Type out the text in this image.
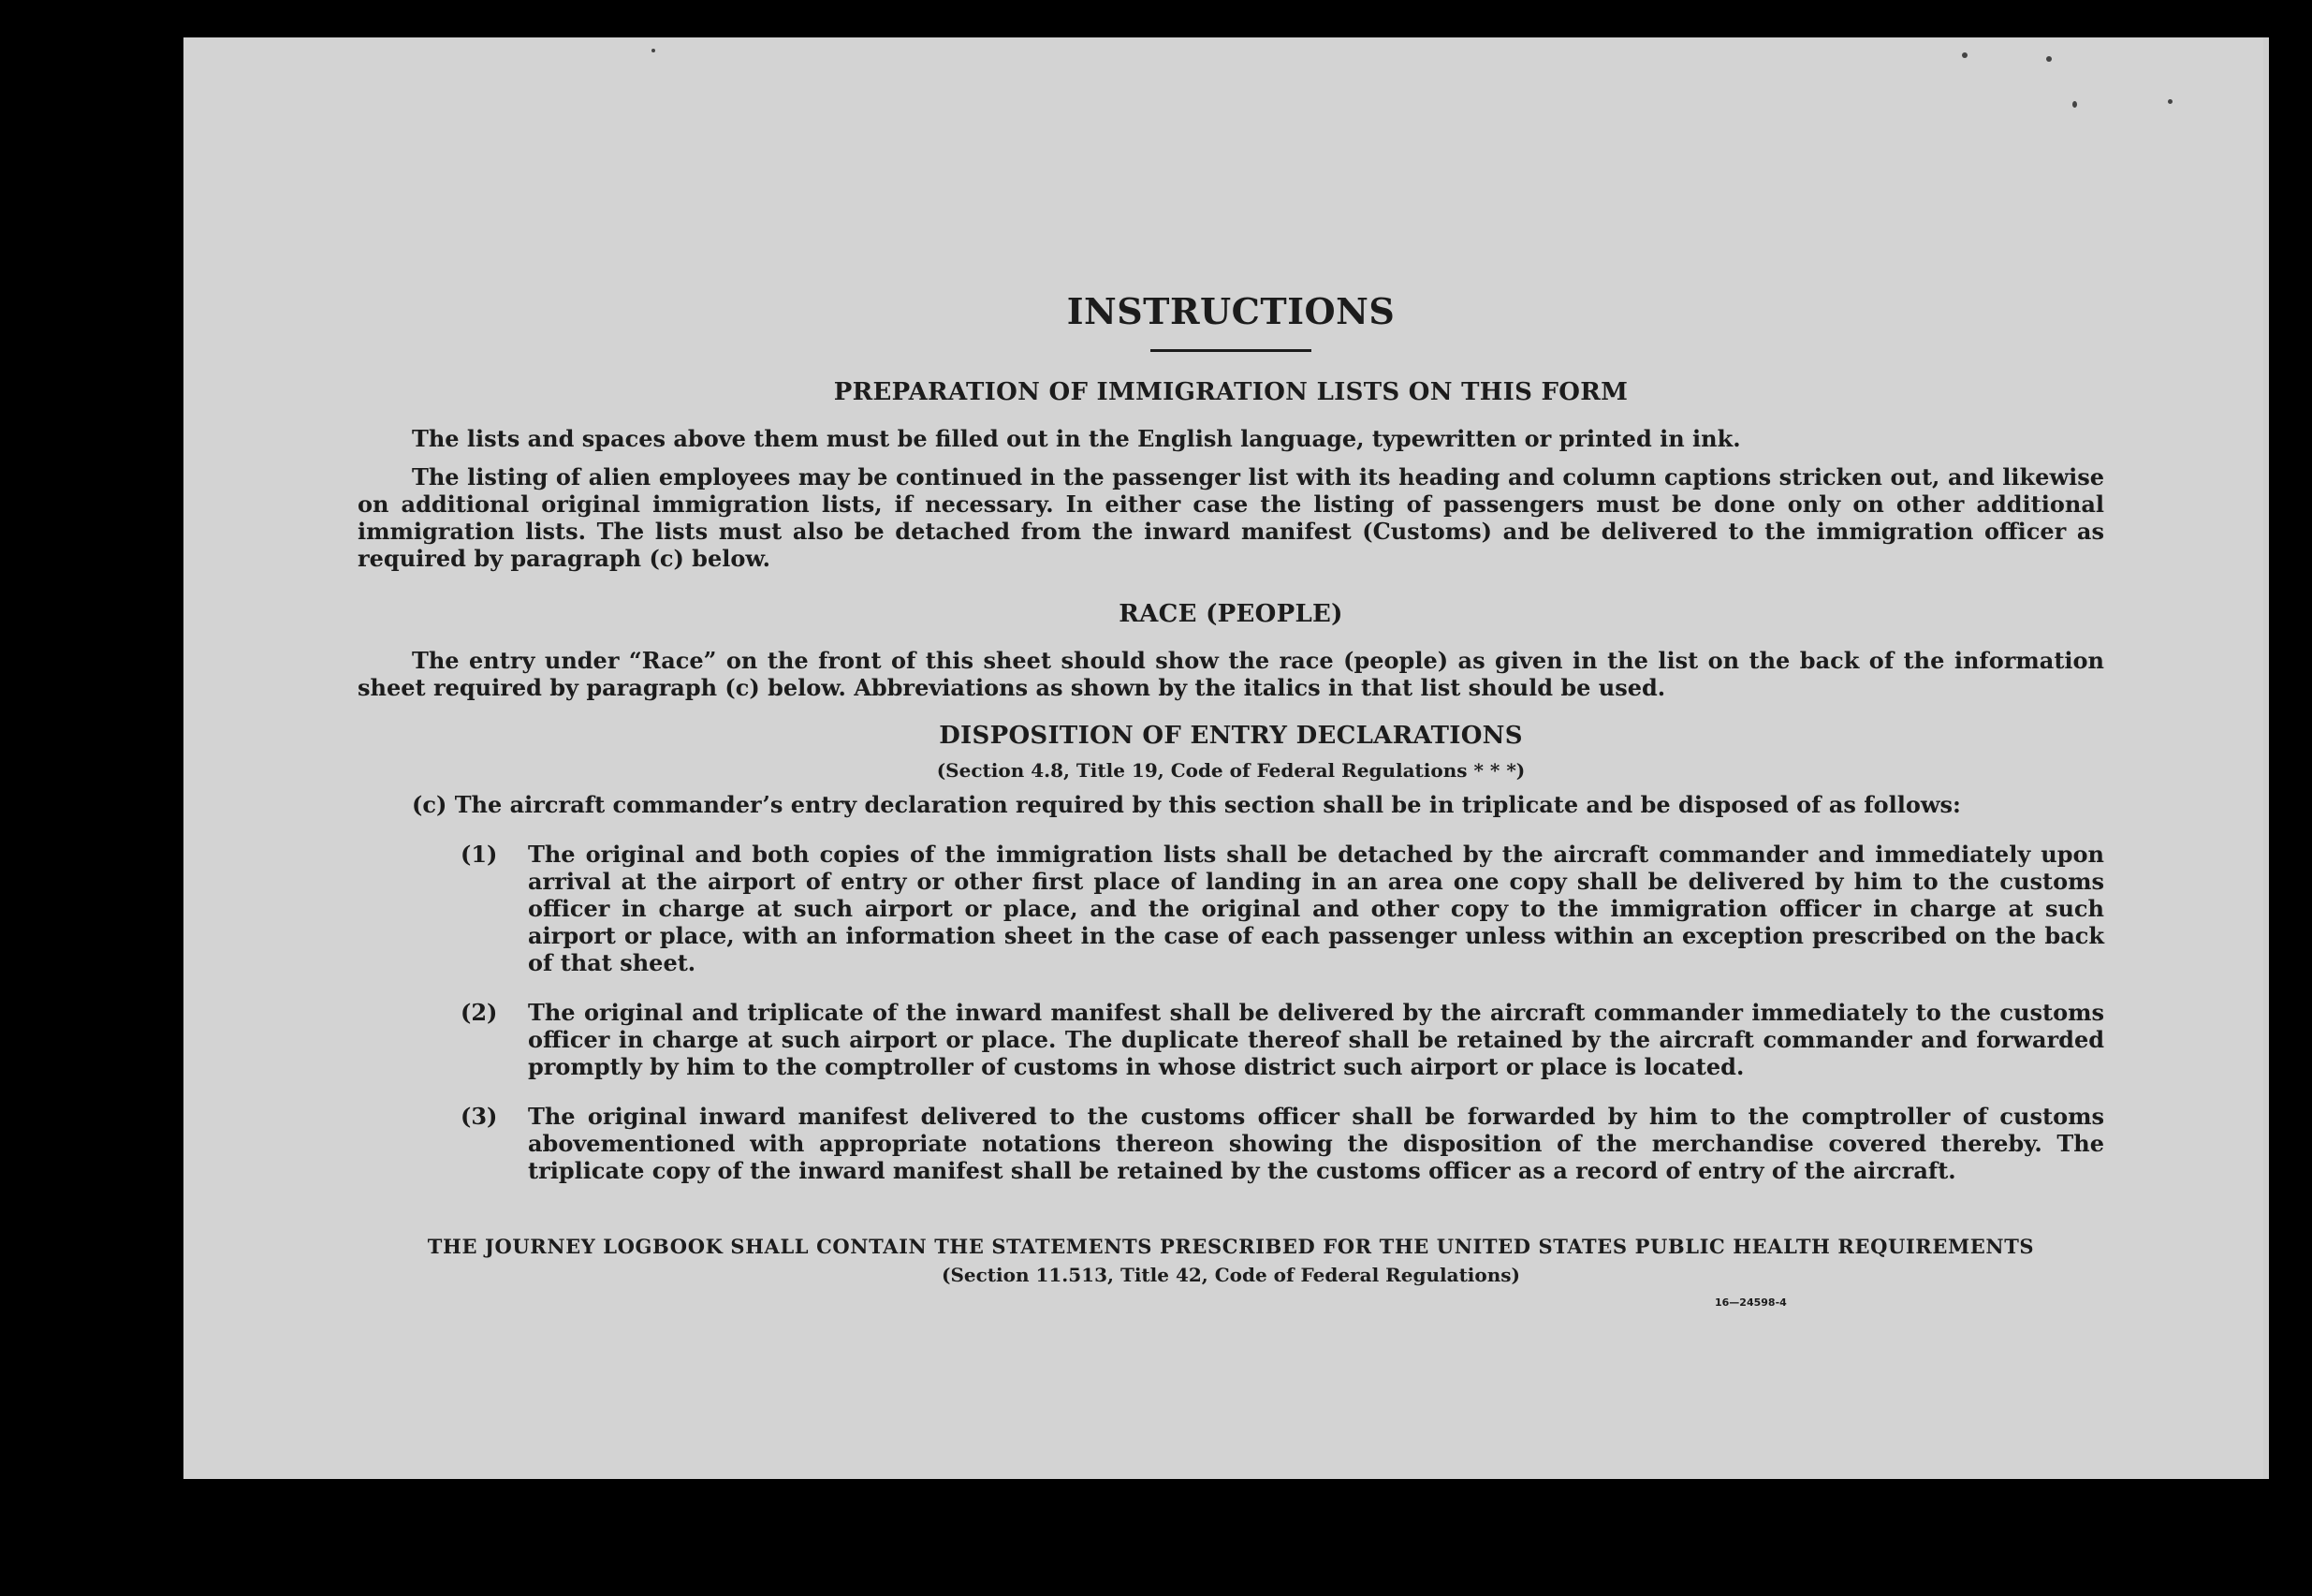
INSTRUCTIONS
PREPARATION OF IMMIGRATION LISTS ON THIS FORM

The lists and spaces above them must be filled out in the English language, typewritten or printed in ink.

The listing of alien employees may be continued in the passenger list with its heading and column captions stricken out, and likewise on additional original immigration lists, if necessary. In either case the listing of passengers must be done only on other additional immigration lists. The lists must also be detached from the inward manifest (Customs) and be delivered to the immigration officer as required by paragraph (c) below.

RACE (PEOPLE)

The entry under “Race” on the front of this sheet should show the race (people) as given in the list on the back of the information sheet required by paragraph (c) below. Abbreviations as shown by the italics in that list should be used.

DISPOSITION OF ENTRY DECLARATIONS
(Section 4.8, Title 19, Code of Federal Regulations * * *)

(c) The aircraft commander’s entry declaration required by this section shall be in triplicate and be disposed of as follows:

(1) The original and both copies of the immigration lists shall be detached by the aircraft commander and immediately upon arrival at the airport of entry or other first place of landing in an area one copy shall be delivered by him to the customs officer in charge at such airport or place, and the original and other copy to the immigration officer in charge at such airport or place, with an information sheet in the case of each passenger unless within an exception prescribed on the back of that sheet.

(2) The original and triplicate of the inward manifest shall be delivered by the aircraft commander immediately to the customs officer in charge at such airport or place. The duplicate thereof shall be retained by the aircraft commander and forwarded promptly by him to the comptroller of customs in whose district such airport or place is located.

(3) The original inward manifest delivered to the customs officer shall be forwarded by him to the comptroller of customs abovementioned with appropriate notations thereon showing the disposition of the merchandise covered thereby. The triplicate copy of the inward manifest shall be retained by the customs officer as a record of entry of the aircraft.

THE JOURNEY LOGBOOK SHALL CONTAIN THE STATEMENTS PRESCRIBED FOR THE UNITED STATES PUBLIC HEALTH REQUIREMENTS
(Section 11.513, Title 42, Code of Federal Regulations)
16—24598-4
